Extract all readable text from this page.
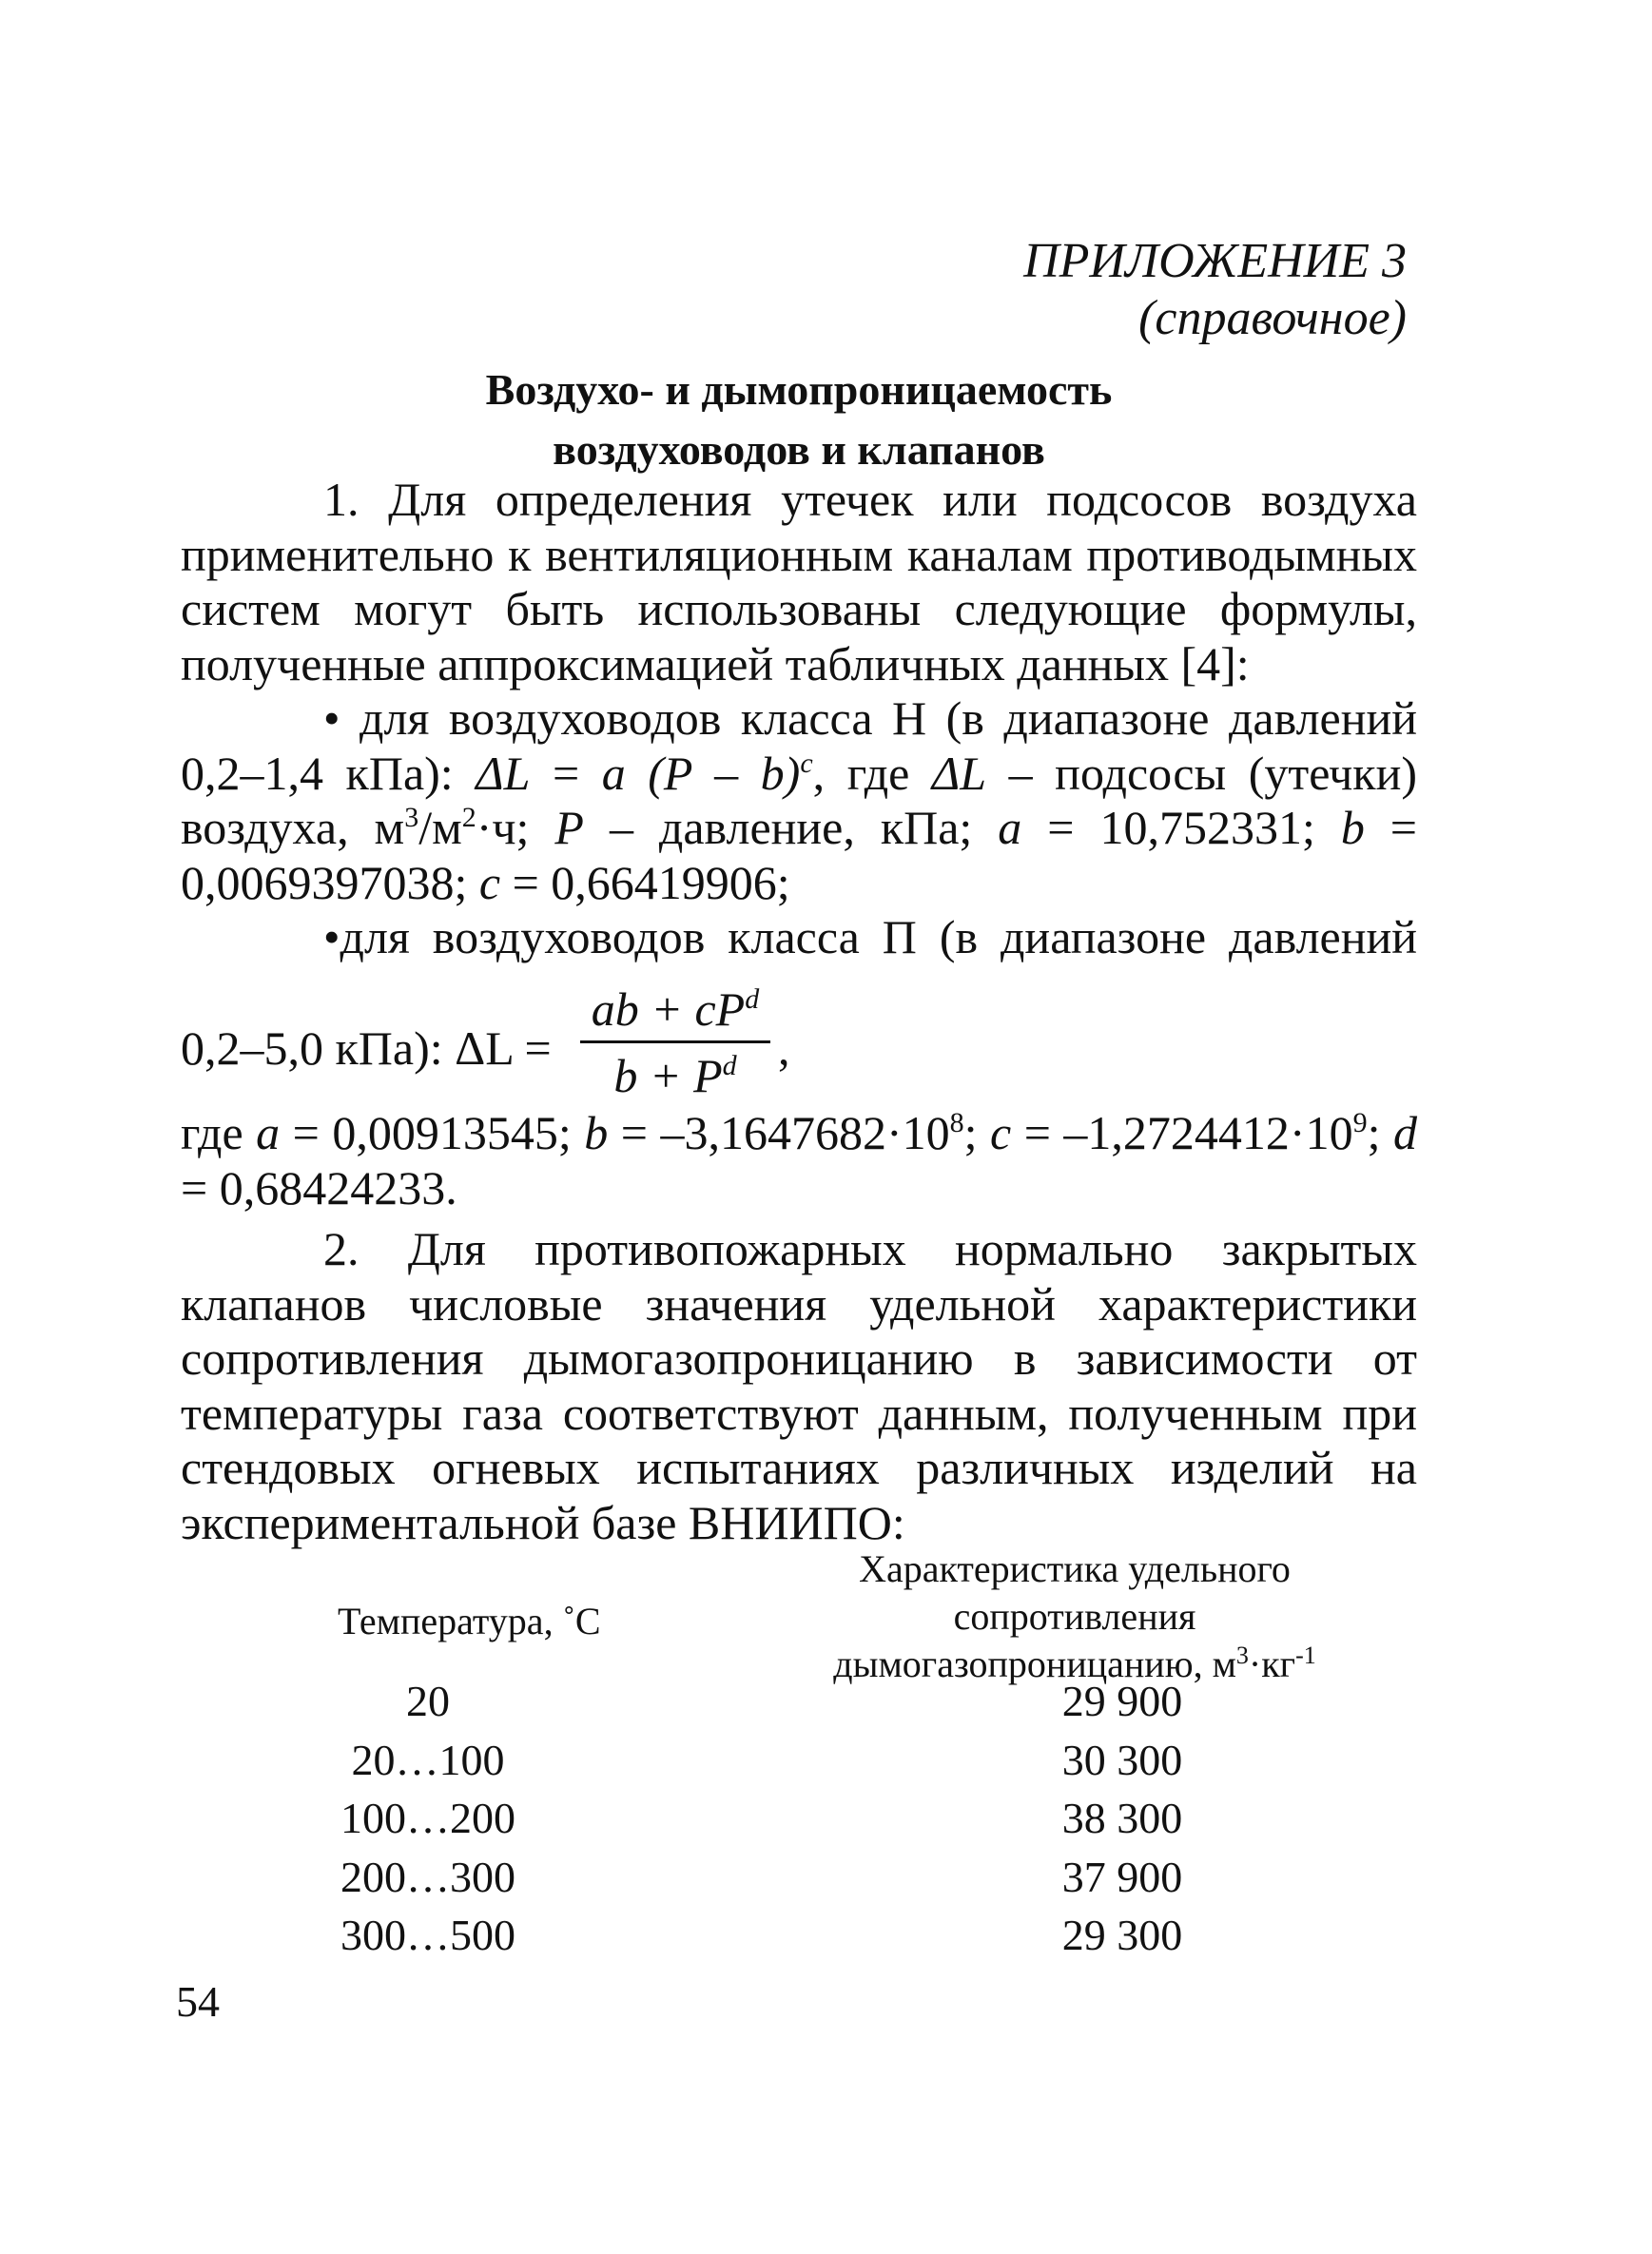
ПРИЛОЖЕНИЕ 3
(справочное)
Воздухо- и дымопроницаемость
воздуховодов и клапанов

1. Для определения утечек или подсосов воздуха применительно к вентиляционным каналам противодымных систем могут быть использованы следующие формулы, полученные аппроксимацией табличных данных [4]:

• для воздуховодов класса Н (в диапазоне давлений 0,2–1,4 кПа): ΔL = a (P – b)$^c$, где ΔL – подсосы (утечки) воздуха, $м^3/м^2\cdot ч$; P – давление, кПа; a = 10,752331; b = 0,0069397038; c = 0,66419906;

•для воздуховодов класса П (в диапазоне давлений

0,2–5,0 кПа): ΔL =
ab + $cP^d$
$b + P^d$ ,

где a = 0,00913545; $b = -3,1647682\cdot 10^8$; $c = -1,2724412\cdot 10^9$; d = 0,68424233.

2. Для противопожарных нормально закрытых клапанов числовые значения удельной характеристики сопротивления дымогазопроницанию в зависимости от температуры газа соответствуют данным, полученным при стендовых огневых испытаниях различных изделий на экспериментальной базе ВНИИПО:

Температура, ˚С
Характеристика удельного
сопротивления
дымогазопроницанию, $м^3\cdot кг^{-1}$
20	29 900
20…100	30 300
100…200	38 300
200…300	37 900
300…500	29 300
54
